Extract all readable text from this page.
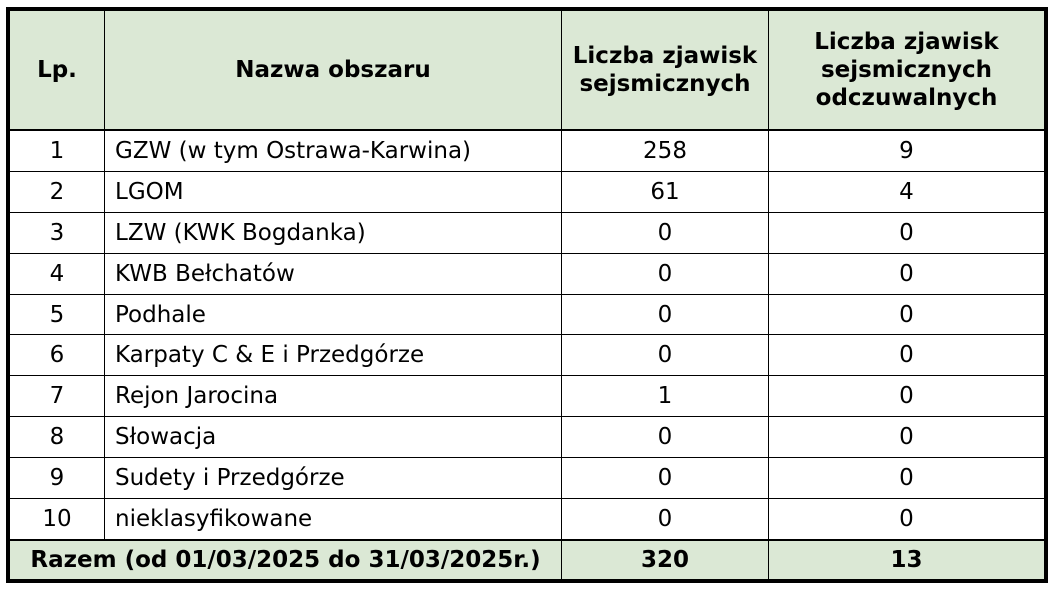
Lp.	Nazwa obszaru	Liczba zjawisk sejsmicznych	Liczba zjawisk sejsmicznych odczuwalnych
1	GZW (w tym Ostrawa-Karwina)	258	9
2	LGOM	61	4
3	LZW (KWK Bogdanka)	0	0
4	KWB Bełchatów	0	0
5	Podhale	0	0
6	Karpaty C & E i Przedgórze	0	0
7	Rejon Jarocina	1	0
8	Słowacja	0	0
9	Sudety i Przedgórze	0	0
10	nieklasyfikowane	0	0
Razem (od 01/03/2025 do 31/03/2025r.)		320	13
